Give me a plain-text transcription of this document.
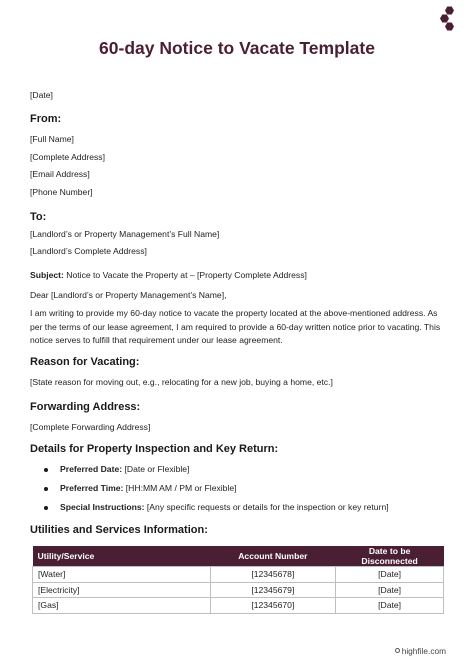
60-day Notice to Vacate Template
[Date]
From:
[Full Name]
[Complete Address]
[Email Address]
[Phone Number]
To:
[Landlord’s or Property Management’s Full Name]
[Landlord’s Complete Address]
Subject: Notice to Vacate the Property at – [Property Complete Address]
Dear [Landlord’s or Property Management’s Name],
I am writing to provide my 60-day notice to vacate the property located at the above-mentioned address. As per the terms of our lease agreement, I am required to provide a 60-day written notice prior to vacating. This notice serves to fulfill that requirement under our lease agreement.
Reason for Vacating:
[State reason for moving out, e.g., relocating for a new job, buying a home, etc.]
Forwarding Address:
[Complete Forwarding Address]
Details for Property Inspection and Key Return:
Preferred Date: [Date or Flexible]
Preferred Time: [HH:MM AM / PM or Flexible]
Special Instructions: [Any specific requests or details for the inspection or key return]
Utilities and Services Information:
Utility/Service	Account Number	Date to be Disconnected
[Water]	[12345678]	[Date]
[Electricity]	[12345679]	[Date]
[Gas]	[12345670]	[Date]
highfile.com
